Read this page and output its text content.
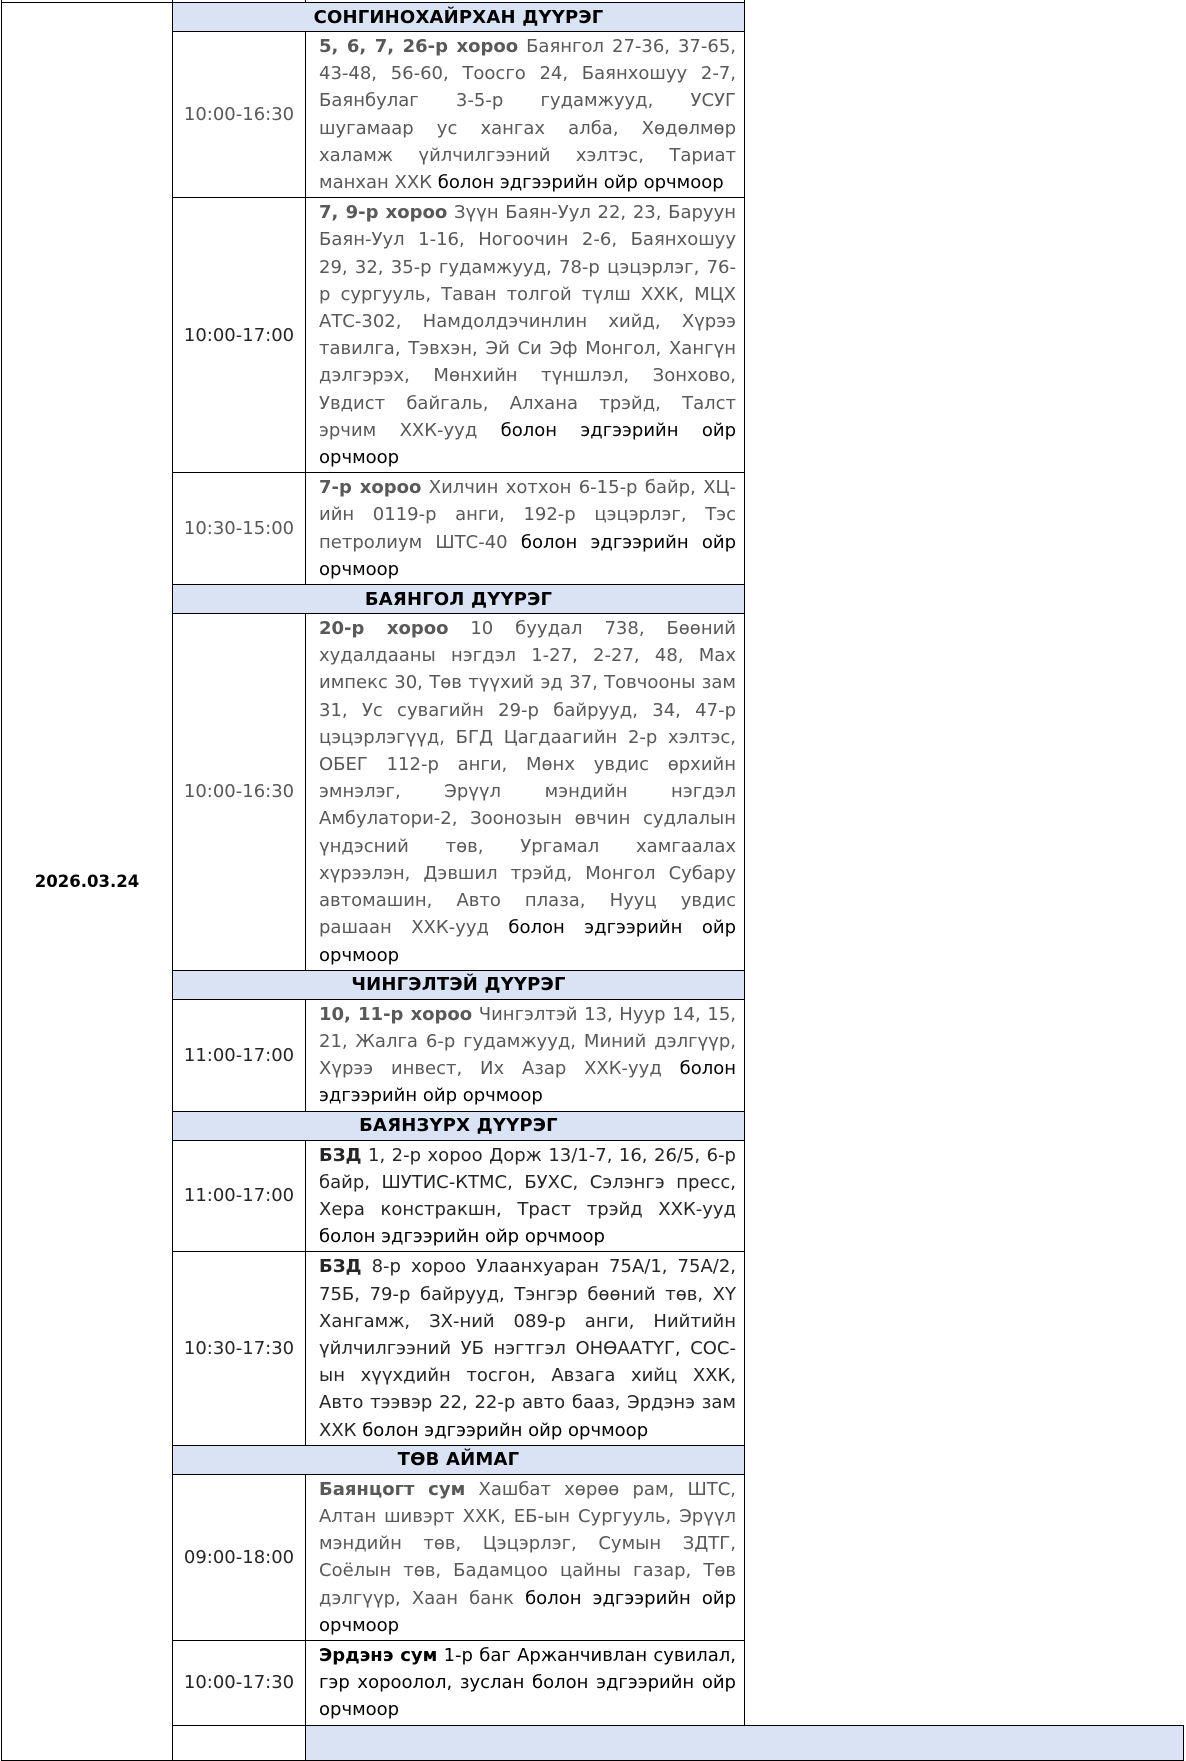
2026.03.24	СОНГИНОХАЙРХАН ДҮҮРЭГ	
	10:00-16:30	5, 6, 7, 26-р хороо Баянгол 27-36, 37-65, 43-48, 56-60, Тоосго 24, Баянхошуу 2-7, Баянбулаг 3-5-р гудамжууд, УСУГ шугамаар ус хангах алба, Хөдөлмөр халамж үйлчилгээний хэлтэс, Тариат манхан ХХК болон эдгээрийн ойр орчмоор
	10:00-17:00	7, 9-р хороо Зүүн Баян-Уул 22, 23, Баруун Баян-Уул 1-16, Ногоочин 2-6, Баянхошуу 29, 32, 35-р гудамжууд, 78-р цэцэрлэг, 76-р сургууль, Таван толгой түлш ХХК, МЦХ АТС-302, Намдолдэчинлин хийд, Хүрээ тавилга, Тэвхэн, Эй Си Эф Монгол, Хангүн дэлгэрэх, Мөнхийн түншлэл, Зонхово, Увдист байгаль, Алхана трэйд, Талст эрчим ХХК-ууд болон эдгээрийн ойр орчмоор
	10:30-15:00	7-р хороо Хилчин хотхон 6-15-р байр, ХЦ-ийн 0119-р анги, 192-р цэцэрлэг, Тэс петролиум ШТС-40 болон эдгээрийн ойр орчмоор
	БАЯНГОЛ ДҮҮРЭГ	
	10:00-16:30	20-р хороо 10 буудал 738, Бөөний худалдааны нэгдэл 1-27, 2-27, 48, Мах импекс 30, Төв түүхий эд 37, Товчооны зам 31, Ус сувагийн 29-р байрууд, 34, 47-р цэцэрлэгүүд, БГД Цагдаагийн 2-р хэлтэс, ОБЕГ 112-р анги, Мөнх увдис өрхийн эмнэлэг, Эрүүл мэндийн нэгдэл Амбулатори-2, Зоонозын өвчин судлалын үндэсний төв, Ургамал хамгаалах хүрээлэн, Дэвшил трэйд, Монгол Субару автомашин, Авто плаза, Нууц увдис рашаан ХХК-ууд болон эдгээрийн ойр орчмоор
	ЧИНГЭЛТЭЙ ДҮҮРЭГ	
	11:00-17:00	10, 11-р хороо Чингэлтэй 13, Нуур 14, 15, 21, Жалга 6-р гудамжууд, Миний дэлгүүр, Хүрээ инвест, Их Азар ХХК-ууд болон эдгээрийн ойр орчмоор
	БАЯНЗҮРХ ДҮҮРЭГ	
	11:00-17:00	БЗД 1, 2-р хороо Дорж 13/1-7, 16, 26/5, 6-р байр, ШУТИС-КТМС, БУХС, Сэлэнгэ пресс, Хера констракшн, Траст трэйд ХХК-ууд болон эдгээрийн ойр орчмоор
	10:30-17:30	БЗД 8-р хороо Улаанхуаран 75А/1, 75А/2, 75Б, 79-р байрууд, Тэнгэр бөөний төв, ХҮ Хангамж, ЗХ-ний 089-р анги, Нийтийн үйлчилгээний УБ нэгтгэл ОНӨААТҮГ, СОС-ын хүүхдийн тосгон, Авзага хийц ХХК, Авто тээвэр 22, 22-р авто бааз, Эрдэнэ зам ХХК болон эдгээрийн ойр орчмоор
	ТӨВ АЙМАГ	
	09:00-18:00	Баянцогт сум Хашбат хөрөө рам, ШТС, Алтан шивэрт ХХК, ЕБ-ын Сургууль, Эрүүл мэндийн төв, Цэцэрлэг, Сумын ЗДТГ, Соёлын төв, Бадамцоо цайны газар, Төв дэлгүүр, Хаан банк болон эдгээрийн ойр орчмоор
	10:00-17:30	Эрдэнэ сум 1-р баг Аржанчивлан сувилал, гэр хороолол, зуслан болон эдгээрийн ойр орчмоор
